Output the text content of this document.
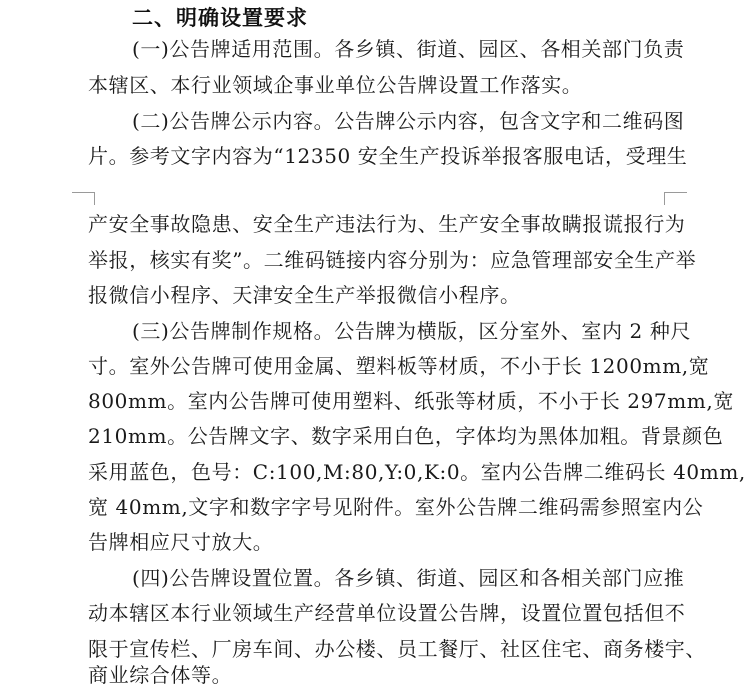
二、明确设置要求
(一)公告牌适用范围。各乡镇、街道、园区、各相关部门负责
本辖区、本行业领域企事业单位公告牌设置工作落实。
(二)公告牌公示内容。公告牌公示内容，包含文字和二维码图
片。参考文字内容为“12350 安全生产投诉举报客服电话，受理生
产安全事故隐患、安全生产违法行为、生产安全事故瞒报谎报行为
举报，核实有奖”。二维码链接内容分别为：应急管理部安全生产举
报微信小程序、天津安全生产举报微信小程序。
(三)公告牌制作规格。公告牌为横版，区分室外、室内 2 种尺
寸。室外公告牌可使用金属、塑料板等材质，不小于长 1200mm,宽
800mm。室内公告牌可使用塑料、纸张等材质，不小于长 297mm,宽
210mm。公告牌文字、数字采用白色，字体均为黑体加粗。背景颜色
采用蓝色，色号：C:100,M:80,Y:0,K:0。室内公告牌二维码长 40mm,
宽 40mm,文字和数字字号见附件。室外公告牌二维码需参照室内公
告牌相应尺寸放大。
(四)公告牌设置位置。各乡镇、街道、园区和各相关部门应推
动本辖区本行业领域生产经营单位设置公告牌，设置位置包括但不
限于宣传栏、厂房车间、办公楼、员工餐厅、社区住宅、商务楼宇、
商业综合体等。
